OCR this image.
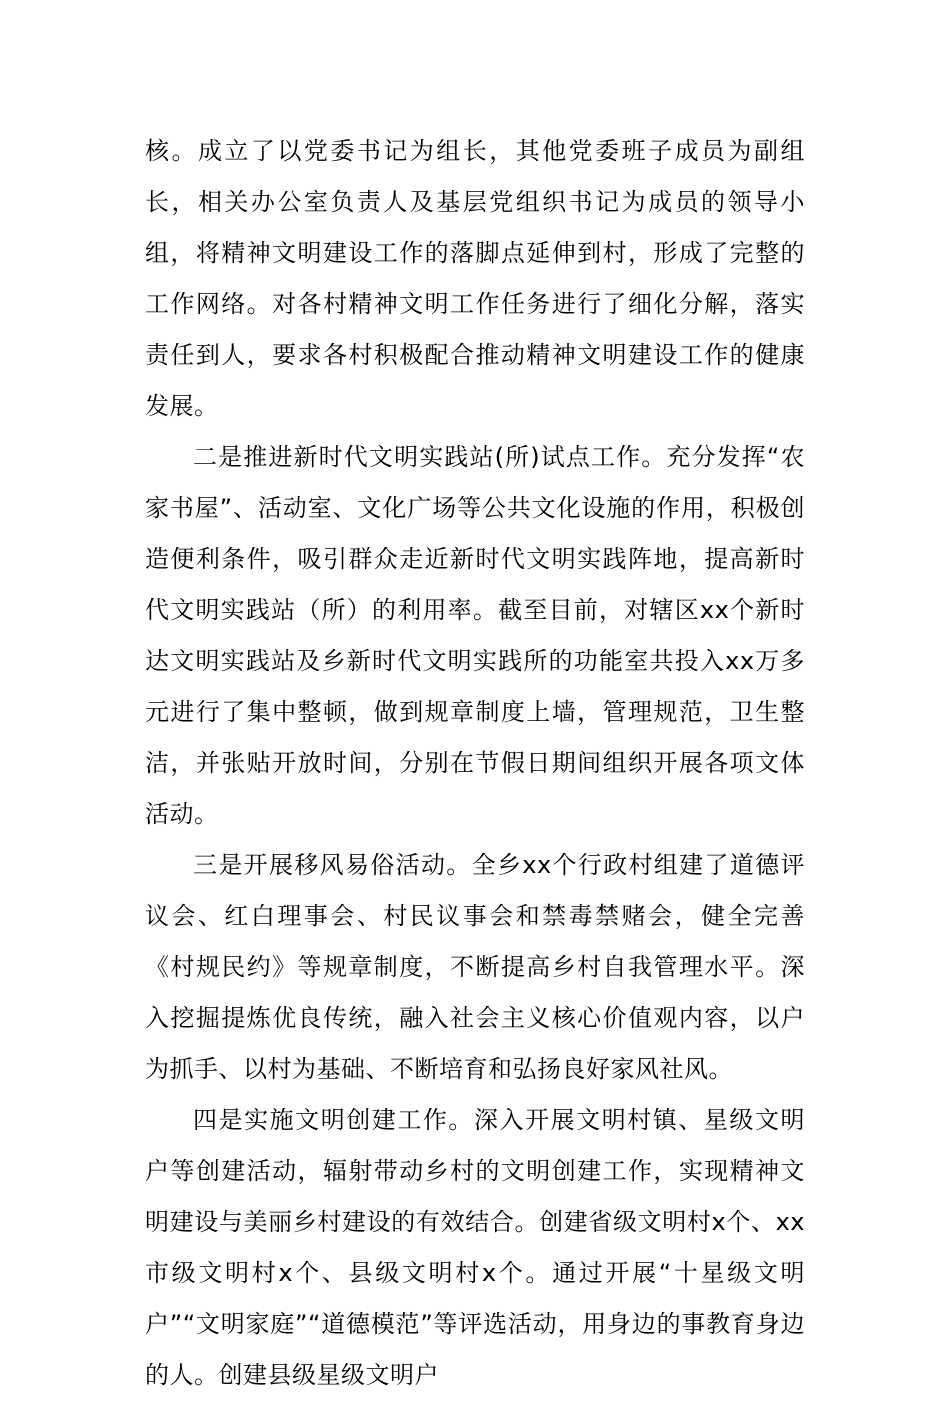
核。成立了以党委书记为组长，其他党委班子成员为副组长，相关办公室负责人及基层党组织书记为成员的领导小组，将精神文明建设工作的落脚点延伸到村，形成了完整的工作网络。对各村精神文明工作任务进行了细化分解，落实责任到人，要求各村积极配合推动精神文明建设工作的健康发展。

二是推进新时代文明实践站(所)试点工作。充分发挥“农家书屋”、活动室、文化广场等公共文化设施的作用，积极创造便利条件，吸引群众走近新时代文明实践阵地，提高新时代文明实践站（所）的利用率。截至目前，对辖区xx个新时达文明实践站及乡新时代文明实践所的功能室共投入xx万多元进行了集中整顿，做到规章制度上墙，管理规范，卫生整洁，并张贴开放时间，分别在节假日期间组织开展各项文体活动。

三是开展移风易俗活动。全乡xx个行政村组建了道德评议会、红白理事会、村民议事会和禁毒禁赌会，健全完善《村规民约》等规章制度，不断提高乡村自我管理水平。深入挖掘提炼优良传统，融入社会主义核心价值观内容，以户为抓手、以村为基础、不断培育和弘扬良好家风社风。

四是实施文明创建工作。深入开展文明村镇、星级文明户等创建活动，辐射带动乡村的文明创建工作，实现精神文明建设与美丽乡村建设的有效结合。创建省级文明村x个、xx市级文明村x个、县级文明村x个。通过开展“十星级文明户”“文明家庭”“道德模范”等评选活动，用身边的事教育身边的人。创建县级星级文明户
